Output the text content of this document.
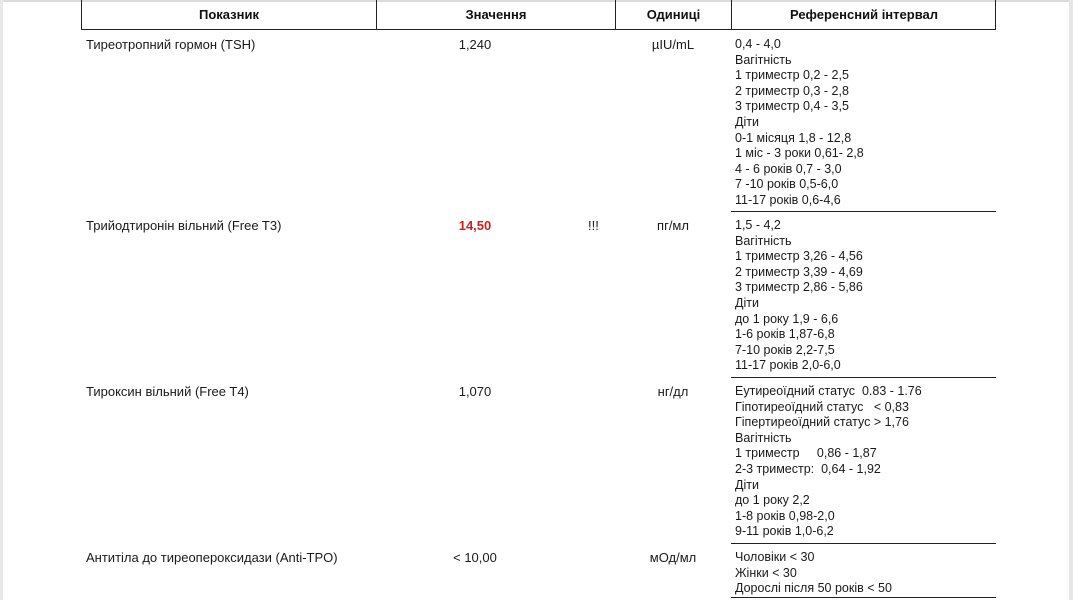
Показник	Значення	Одиниці	Референсний інтервал
Тиреотропний гормон (TSH)	1,240	µIU/mL	0,4 - 4,0
Вагітність
1 триместр 0,2 - 2,5
2 триместр 0,3 - 2,8
3 триместр 0,4 - 3,5
Діти
0-1 місяця 1,8 - 12,8
1 міс - 3 роки 0,61- 2,8
4 - 6 років 0,7 - 3,0
7 -10 років 0,5-6,0
11-17 років 0,6-4,6
Трийодтиронін вільний (Free T3)	14,50	!!!	пг/мл	1,5 - 4,2
Вагітність
1 триместр 3,26 - 4,56
2 триместр 3,39 - 4,69
3 триместр 2,86 - 5,86
Діти
до 1 року 1,9 - 6,6
1-6 років 1,87-6,8
7-10 років 2,2-7,5
11-17 років 2,0-6,0
Тироксин вільний (Free T4)	1,070	нг/дл	Еутиреоїдний статус  0.83 - 1.76
Гіпотиреоїдний статус   < 0,83
Гіпертиреоїдний статус > 1,76
Вагітність
1 триместр     0,86 - 1,87
2-3 триместр:  0,64 - 1,92
Діти
до 1 року 2,2
1-8 років 0,98-2,0
9-11 років 1,0-6,2
Антитіла до тиреопероксидази (Anti-TPO)	< 10,00	мОд/мл	Чоловіки < 30
Жінки < 30
Дорослі після 50 років < 50
